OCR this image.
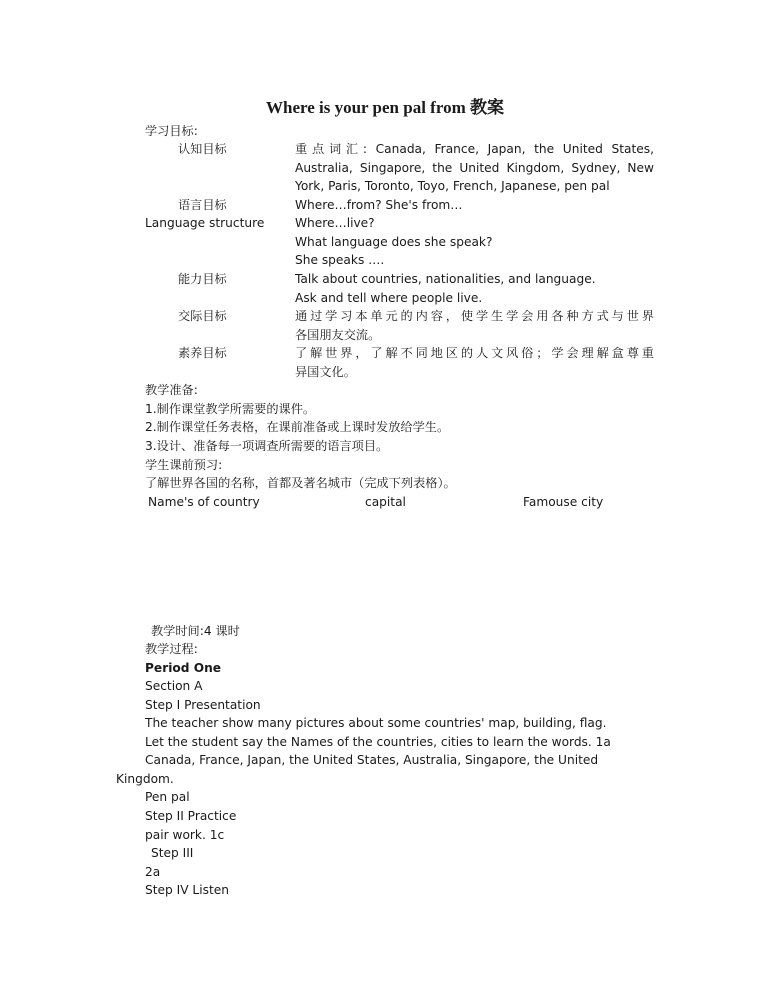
Where is your pen pal from 教案
学习目标:
认知目标	重点词汇: Canada, France, Japan, the United States,
Australia, Singapore, the United Kingdom, Sydney, New
York, Paris, Toronto, Toyo, French, Japanese, pen pal
语言目标	Where…from? She's from…
Language structure	Where…live?
What language does she speak?
She speaks ….
能力目标	Talk about countries, nationalities, and language.
Ask and tell where people live.
交际目标	通过学习本单元的内容，使学生学会用各种方式与世界
各国朋友交流。
素养目标	了解世界，了解不同地区的人文风俗；学会理解盒尊重
异国文化。
教学准备:
1.制作课堂教学所需要的课件。
2.制作课堂任务表格，在课前准备或上课时发放给学生。
3.设计、准备每一项调查所需要的语言项目。
学生课前预习:
了解世界各国的名称，首都及著名城市（完成下列表格）。
Name's of country	capital	Famouse city
教学时间:4 课时
教学过程:
Period One
Section A
Step I Presentation
The teacher show many pictures about some countries' map, building, flag.
Let the student say the Names of the countries, cities to learn the words. 1a
Canada, France, Japan, the United States, Australia, Singapore, the United
Kingdom.
Pen pal
Step II Practice
pair work. 1c
Step III
2a
Step IV Listen
